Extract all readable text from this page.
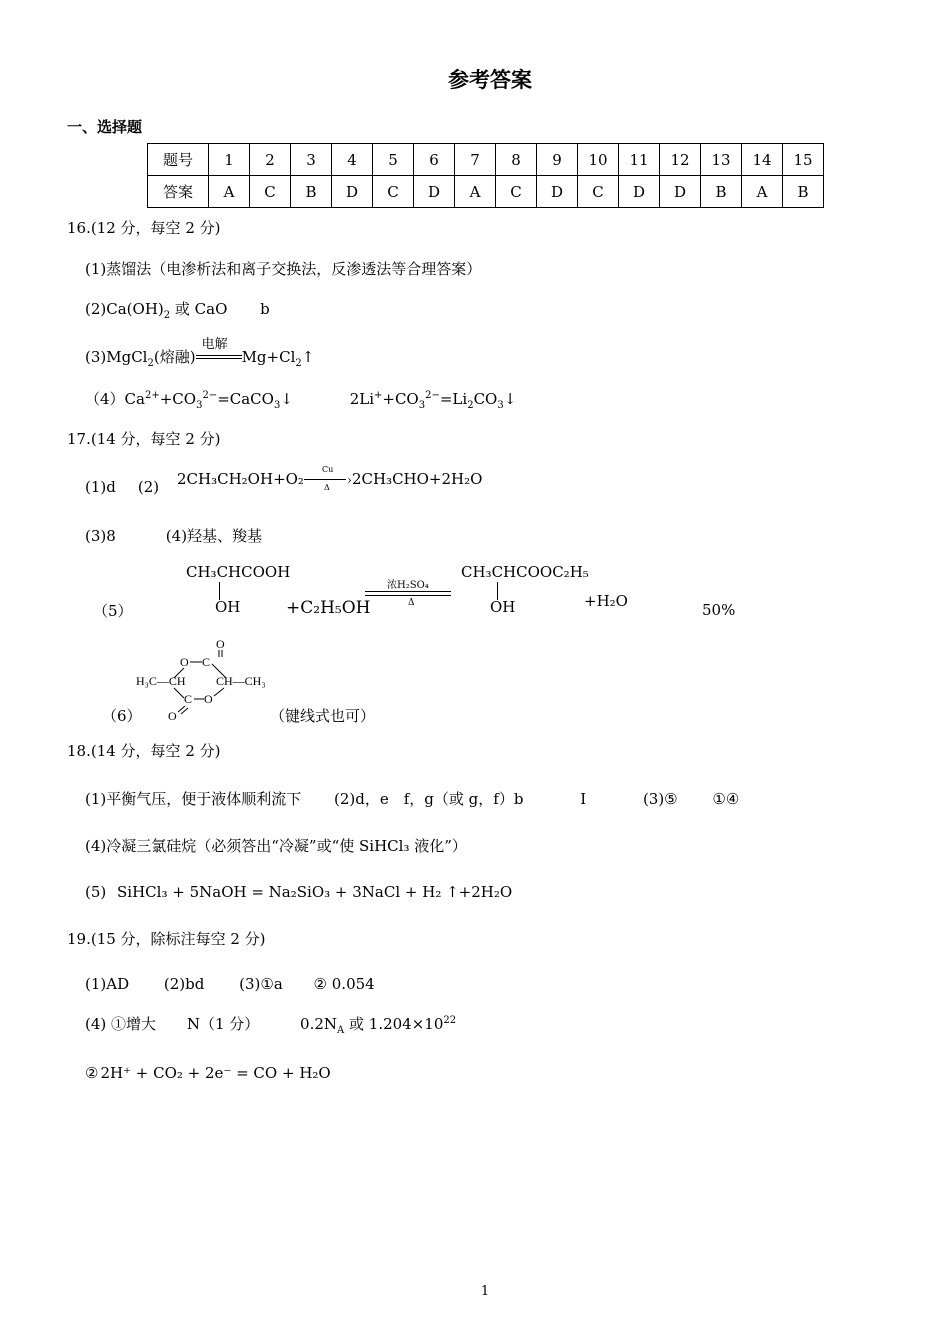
参考答案
一、选择题
题号	1	2	3	4	5	6	7	8	9	10	11	12	13	14	15
答案	A	C	B	D	C	D	A	C	D	C	D	D	B	A	B
16.(12 分，每空 2 分)
(1)蒸馏法（电渗析法和离子交换法，反渗透法等合理答案）
$(2)Ca(OH)_2$ 或 CaO b
(3)MgCl$_2$(熔融)
电解
$Mg+Cl_2↑$
$(4)Ca^{2+}+CO_3^{2-}=CaCO_3↓$	$2Li^++CO_3^{2-}=Li_2CO_3↓$
17.(14 分，每空 2 分)
(1)d (2) 2CH₃CH₂OH+O₂
Cu
›
Δ 2CH₃CHO+2H₂O
(3)8	(4)羟基、羧基
（5）
CH₃CHCOOH
OH	+C₂H₅OH
浓H₂SO₄
Δ
CH₃CHCOOC₂H₅
OH	+H₂O	50%
（6）
O
O C
H₃C—CH	CH—CH₃
C O
O	（键线式也可）
18.(14 分，每空 2 分)
(1)平衡气压，便于液体顺利流下 (2)d，e　f，g（或 g，f）b	Ⅰ	(3)⑤ ①④
(4)冷凝三氯硅烷（必须答出“冷凝”或“使 SiHCl₃ 液化”）
(5) SiHCl₃ + 5NaOH = Na₂SiO₃ + 3NaCl + H₂ ↑+2H₂O
19.(15 分，除标注每空 2 分)
(1)AD (2)bd (3)①a ② 0.054
(4) ①增大 N（1 分）	$0.2N_A$ 或 $1.204\times 10^{22}$
② 2H⁺ + CO₂ + 2e⁻ = CO + H₂O
1
